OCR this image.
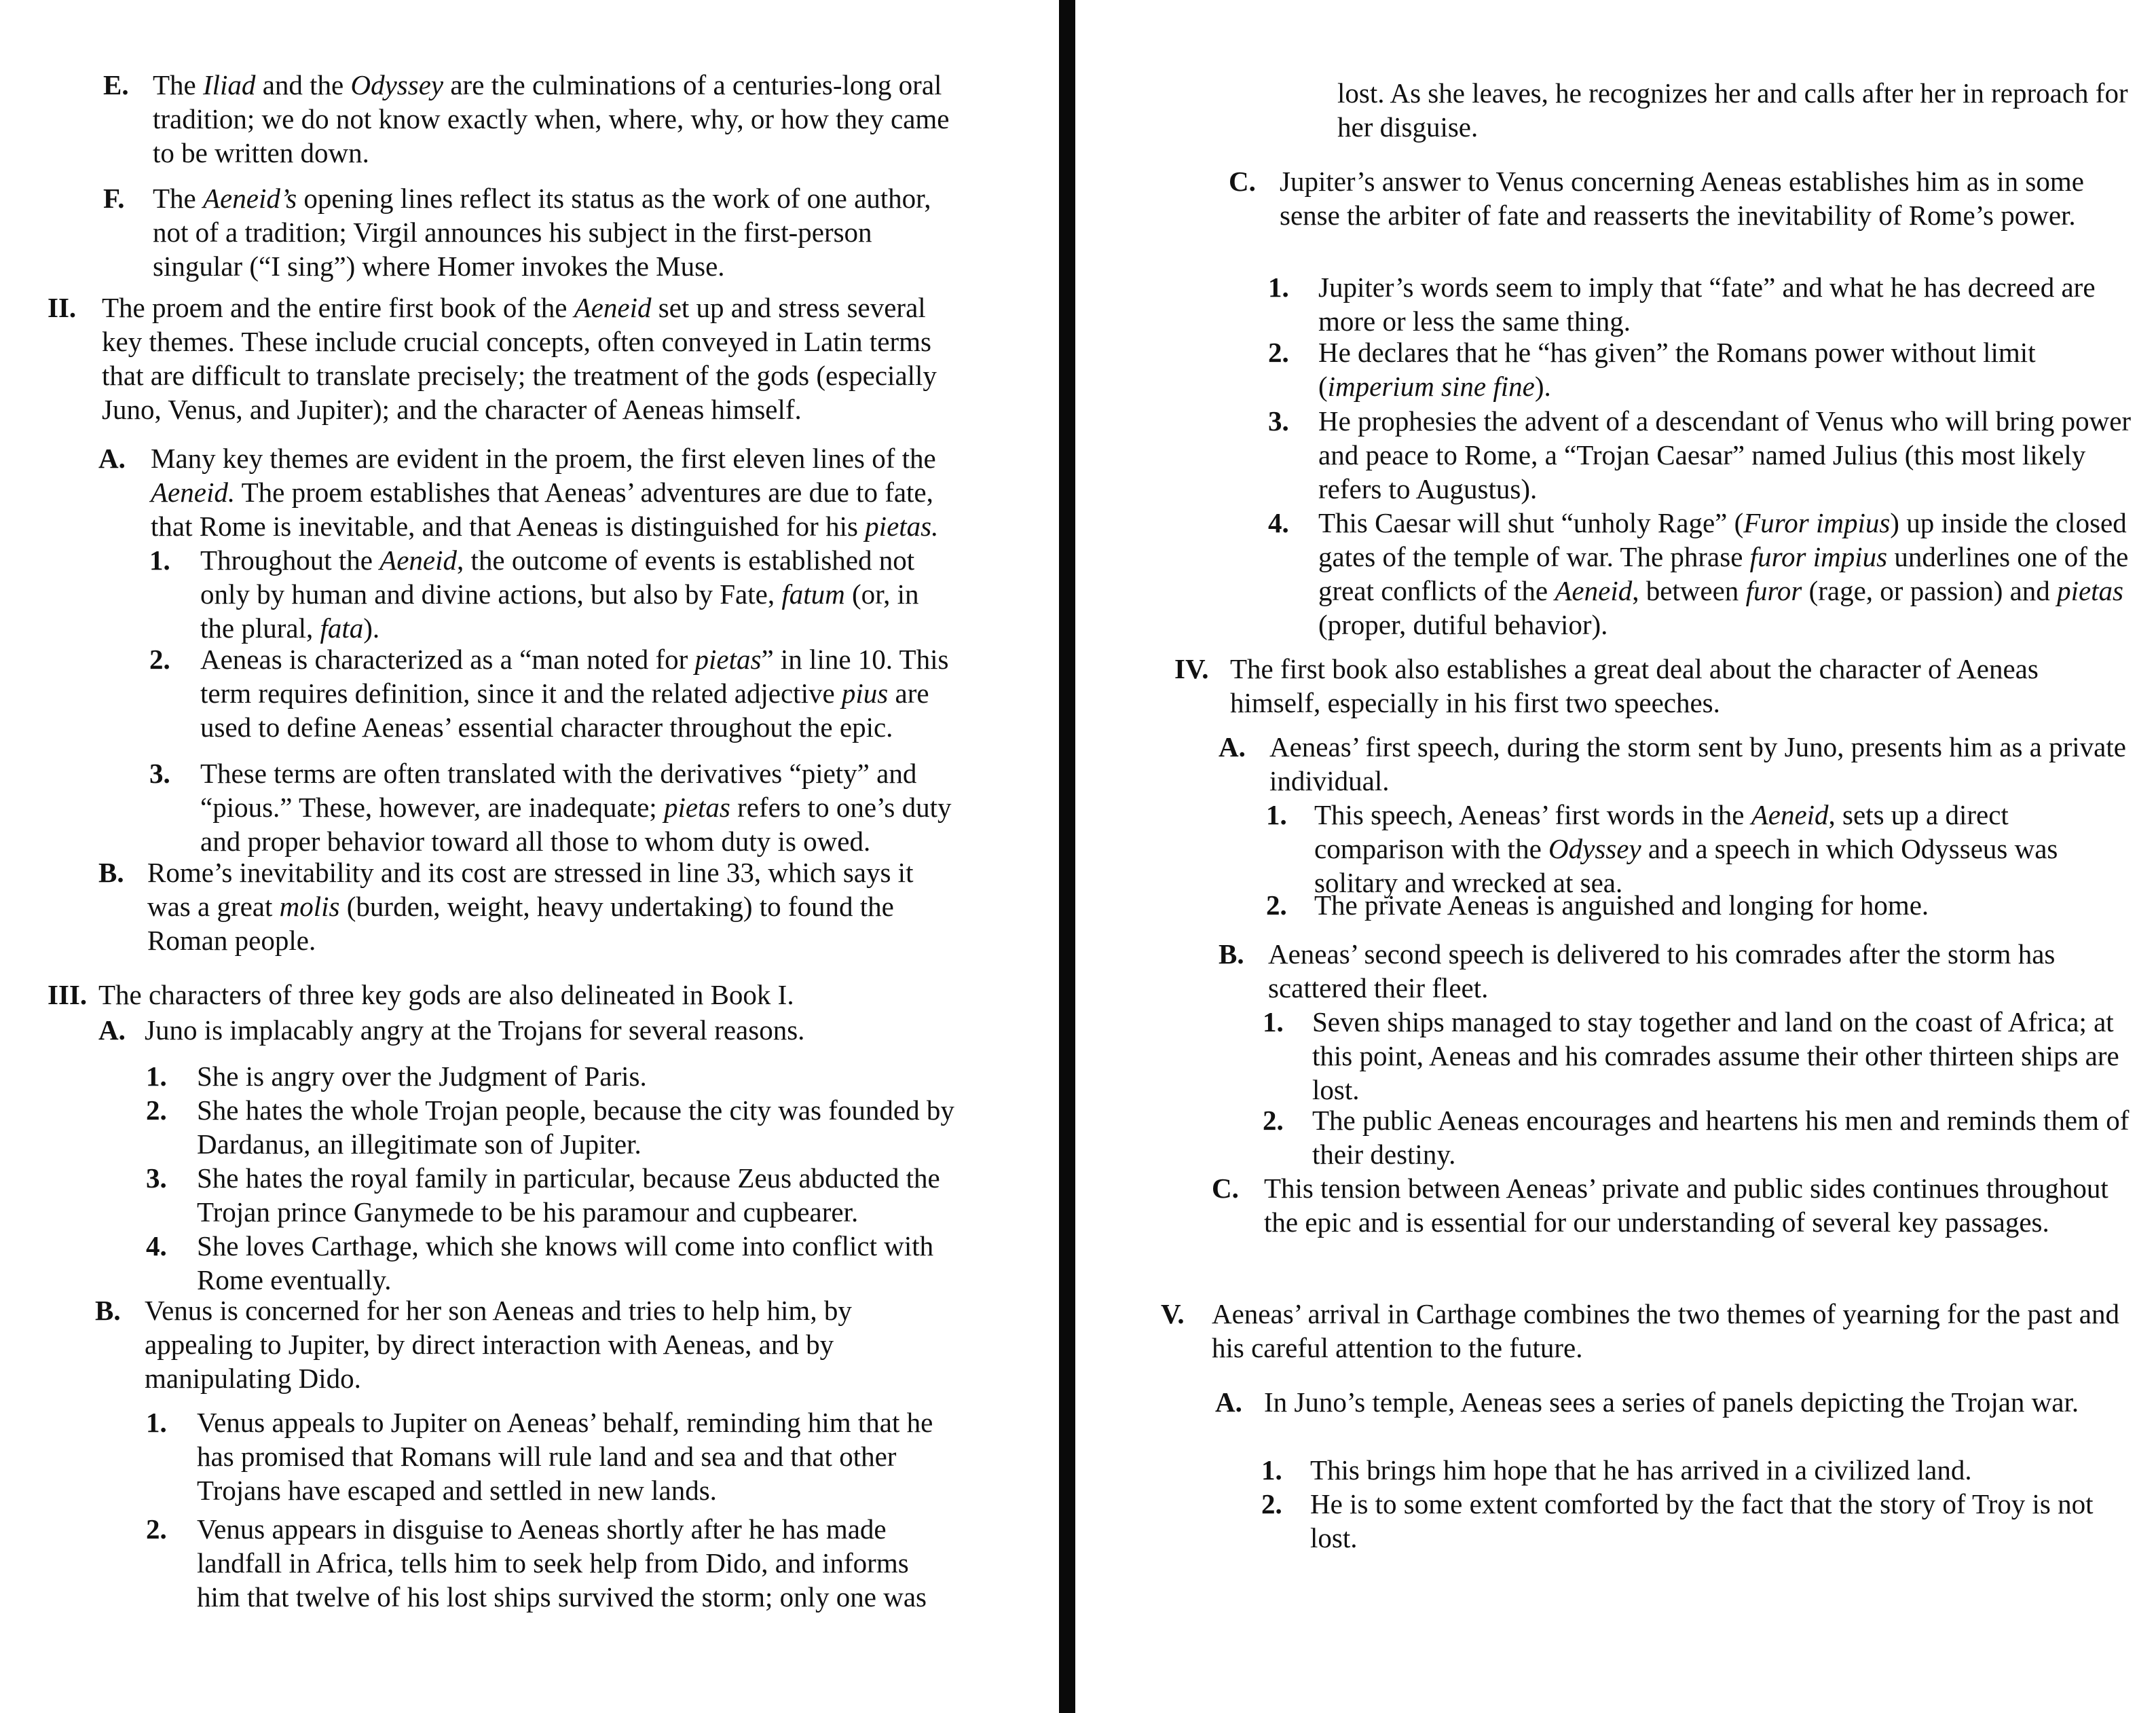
E. The Iliad and the Odyssey are the culminations of a centuries-long oral tradition; we do not know exactly when, where, why, or how they came to be written down.
F.	The Aeneid’s opening lines reflect its status as the work of one author, not of a tradition; Virgil announces his subject in the first-person singular (“I sing”) where Homer invokes the Muse.
II. The proem and the entire first book of the Aeneid set up and stress several key themes. These include crucial concepts, often conveyed in Latin terms that are difficult to translate precisely; the treatment of the gods (especially Juno, Venus, and Jupiter); and the character of Aeneas himself.
A. Many key themes are evident in the proem, the first eleven lines of the Aeneid. The proem establishes that Aeneas’ adventures are due to fate, that Rome is inevitable, and that Aeneas is distinguished for his pietas.
1.	Throughout the Aeneid, the outcome of events is established not only by human and divine actions, but also by Fate, fatum (or, in the plural, fata).
2.	Aeneas is characterized as a “man noted for pietas” in line 10. This term requires definition, since it and the related adjective pius are used to define Aeneas’ essential character throughout the epic.
3.	These terms are often translated with the derivatives “piety” and “pious.” These, however, are inadequate; pietas refers to one’s duty and proper behavior toward all those to whom duty is owed.
B. Rome’s inevitability and its cost are stressed in line 33, which says it was a great molis (burden, weight, heavy undertaking) to found the Roman people.
III. The characters of three key gods are also delineated in Book I.
A. Juno is implacably angry at the Trojans for several reasons.
1.	She is angry over the Judgment of Paris.
2.	She hates the whole Trojan people, because the city was founded by Dardanus, an illegitimate son of Jupiter.
3.	She hates the royal family in particular, because Zeus abducted the Trojan prince Ganymede to be his paramour and cupbearer.
4.	She loves Carthage, which she knows will come into conflict with Rome eventually.
B. Venus is concerned for her son Aeneas and tries to help him, by appealing to Jupiter, by direct interaction with Aeneas, and by manipulating Dido.
1.	Venus appeals to Jupiter on Aeneas’ behalf, reminding him that he has promised that Romans will rule land and sea and that other Trojans have escaped and settled in new lands.
2.	Venus appears in disguise to Aeneas shortly after he has made landfall in Africa, tells him to seek help from Dido, and informs him that twelve of his lost ships survived the storm; only one was
lost. As she leaves, he recognizes her and calls after her in reproach for her disguise.
C. Jupiter’s answer to Venus concerning Aeneas establishes him as in some sense the arbiter of fate and reasserts the inevitability of Rome’s power.
1.	Jupiter’s words seem to imply that “fate” and what he has decreed are more or less the same thing.
2.	He declares that he “has given” the Romans power without limit (imperium sine fine).
3.	He prophesies the advent of a descendant of Venus who will bring power and peace to Rome, a “Trojan Caesar” named Julius (this most likely refers to Augustus).
4.	This Caesar will shut “unholy Rage” (Furor impius) up inside the closed gates of the temple of war. The phrase furor impius underlines one of the great conflicts of the Aeneid, between furor (rage, or passion) and pietas (proper, dutiful behavior).
IV. The first book also establishes a great deal about the character of Aeneas himself, especially in his first two speeches.
A. Aeneas’ first speech, during the storm sent by Juno, presents him as a private individual.
1. This speech, Aeneas’ first words in the Aeneid, sets up a direct comparison with the Odyssey and a speech in which Odysseus was solitary and wrecked at sea.
2. The private Aeneas is anguished and longing for home.
B. Aeneas’ second speech is delivered to his comrades after the storm has scattered their fleet.
1.	Seven ships managed to stay together and land on the coast of Africa; at this point, Aeneas and his comrades assume their other thirteen ships are lost.
2.	The public Aeneas encourages and heartens his men and reminds them of their destiny.
C. This tension between Aeneas’ private and public sides continues throughout the epic and is essential for our understanding of several key passages.
V. Aeneas’ arrival in Carthage combines the two themes of yearning for the past and his careful attention to the future.
A. In Juno’s temple, Aeneas sees a series of panels depicting the Trojan war.
1.	This brings him hope that he has arrived in a civilized land.
2.	He is to some extent comforted by the fact that the story of Troy is not lost.
